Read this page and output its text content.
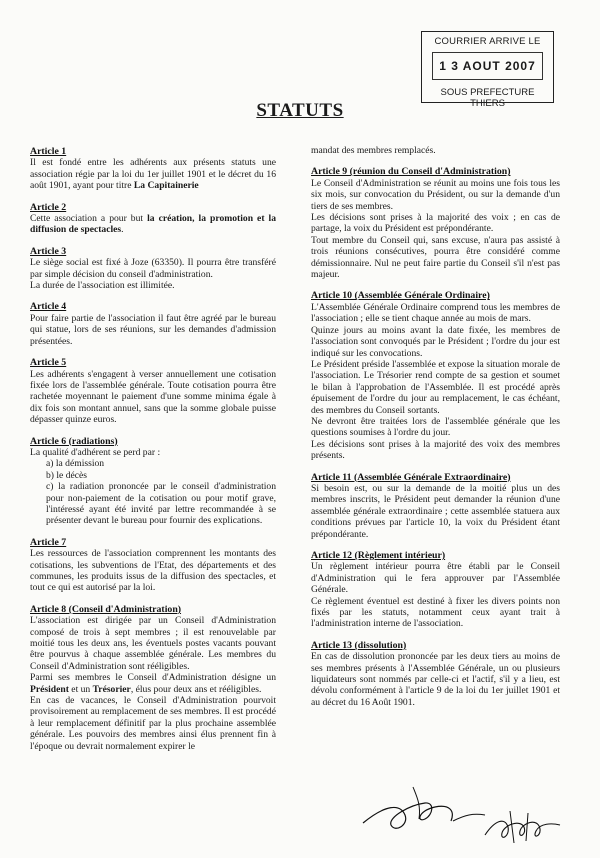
COURRIER ARRIVE LE
1 3 AOUT 2007
SOUS PREFECTURE THIERS
STATUTS
Article 1

Il est fondé entre les adhérents aux présents statuts une association régie par la loi du 1er juillet 1901 et le décret du 16 août 1901, ayant pour titre La Capitainerie

Article 2

Cette association a pour but la création, la promotion et la diffusion de spectacles.

Article 3

Le siège social est fixé à Joze (63350). Il pourra être transféré par simple décision du conseil d'administration.

La durée de l'association est illimitée.

Article 4

Pour faire partie de l'association il faut être agréé par le bureau qui statue, lors de ses réunions, sur les demandes d'admission présentées.

Article 5

Les adhérents s'engagent à verser annuellement une cotisation fixée lors de l'assemblée générale. Toute cotisation pourra être rachetée moyennant le paiement d'une somme minima égale à dix fois son montant annuel, sans que la somme globale puisse dépasser quinze euros.

Article 6 (radiations)

La qualité d'adhérent se perd par :

a) la démission

b) le décès

c) la radiation prononcée par le conseil d'administration pour non-paiement de la cotisation ou pour motif grave, l'intéressé ayant été invité par lettre recommandée à se présenter devant le bureau pour fournir des explications.

Article 7

Les ressources de l'association comprennent les montants des cotisations, les subventions de l'Etat, des départements et des communes, les produits issus de la diffusion des spectacles, et tout ce qui est autorisé par la loi.

Article 8 (Conseil d'Administration)

L'association est dirigée par un Conseil d'Administration composé de trois à sept membres ; il est renouvelable par moitié tous les deux ans, les éventuels postes vacants pouvant être pourvus à chaque assemblée générale. Les membres du Conseil d'Administration sont rééligibles.

Parmi ses membres le Conseil d'Administration désigne un Président et un Trésorier, élus pour deux ans et rééligibles.

En cas de vacances, le Conseil d'Administration pourvoit provisoirement au remplacement de ses membres. Il est procédé à leur remplacement définitif par la plus prochaine assemblée générale. Les pouvoirs des membres ainsi élus prennent fin à l'époque ou devrait normalement expirer le

mandat des membres remplacés.

Article 9 (réunion du Conseil d'Administration)

Le Conseil d'Administration se réunit au moins une fois tous les six mois, sur convocation du Président, ou sur la demande d'un tiers de ses membres.

Les décisions sont prises à la majorité des voix ; en cas de partage, la voix du Président est prépondérante.

Tout membre du Conseil qui, sans excuse, n'aura pas assisté à trois réunions consécutives, pourra être considéré comme démissionnaire. Nul ne peut faire partie du Conseil s'il n'est pas majeur.

Article 10 (Assemblée Générale Ordinaire)

L'Assemblée Générale Ordinaire comprend tous les membres de l'association ; elle se tient chaque année au mois de mars.

Quinze jours au moins avant la date fixée, les membres de l'association sont convoqués par le Président ; l'ordre du jour est indiqué sur les convocations.

Le Président préside l'assemblée et expose la situation morale de l'association. Le Trésorier rend compte de sa gestion et soumet le bilan à l'approbation de l'Assemblée. Il est procédé après épuisement de l'ordre du jour au remplacement, le cas échéant, des membres du Conseil sortants.

Ne devront être traitées lors de l'assemblée générale que les questions soumises à l'ordre du jour.

Les décisions sont prises à la majorité des voix des membres présents.

Article 11 (Assemblée Générale Extraordinaire)

Si besoin est, ou sur la demande de la moitié plus un des membres inscrits, le Président peut demander la réunion d'une assemblée générale extraordinaire ; cette assemblée statuera aux conditions prévues par l'article 10, la voix du Président étant prépondérante.

Article 12 (Règlement intérieur)

Un règlement intérieur pourra être établi par le Conseil d'Administration qui le fera approuver par l'Assemblée Générale.

Ce règlement éventuel est destiné à fixer les divers points non fixés par les statuts, notamment ceux ayant trait à l'administration interne de l'association.

Article 13 (dissolution)

En cas de dissolution prononcée par les deux tiers au moins de ses membres présents à l'Assemblée Générale, un ou plusieurs liquidateurs sont nommés par celle-ci et l'actif, s'il y a lieu, est dévolu conformément à l'article 9 de la loi du 1er juillet 1901 et au décret du 16 Août 1901.
